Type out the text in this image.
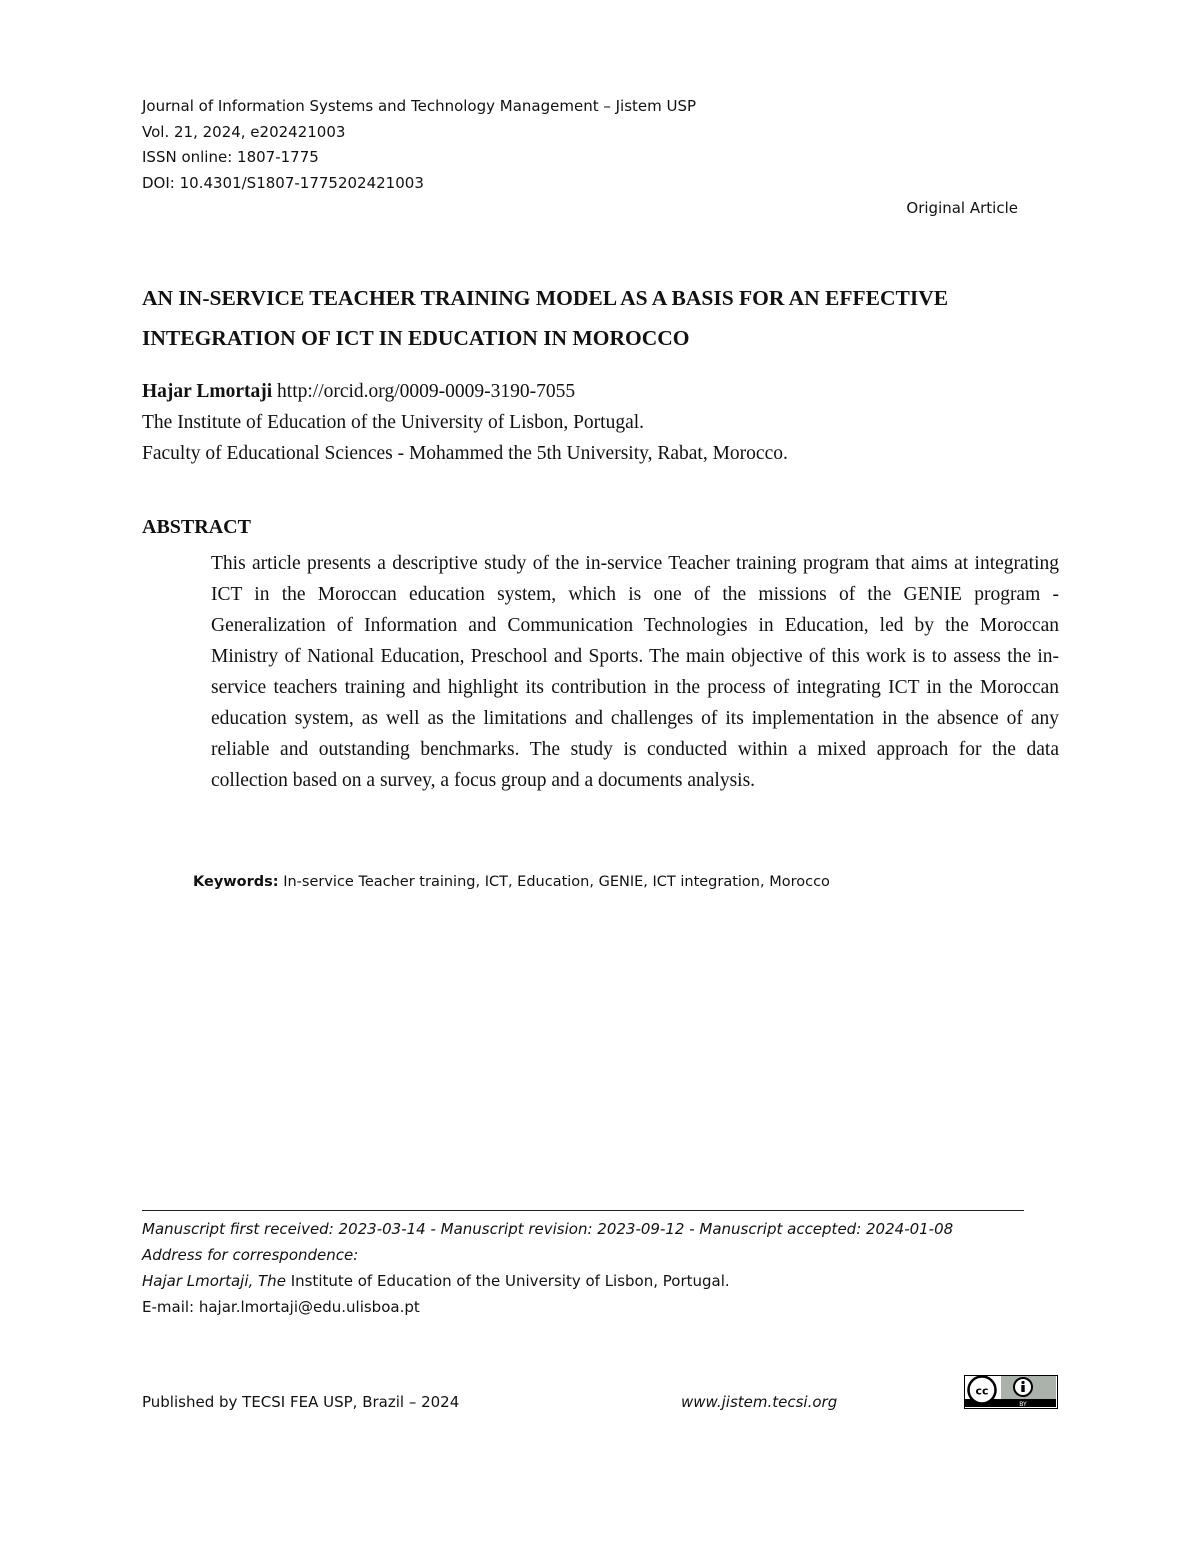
Journal of Information Systems and Technology Management – Jistem USP
Vol. 21, 2024, e202421003
ISSN online: 1807-1775
DOI: 10.4301/S1807-1775202421003
Original Article
AN IN-SERVICE TEACHER TRAINING MODEL AS A BASIS FOR AN EFFECTIVE
INTEGRATION OF ICT IN EDUCATION IN MOROCCO
Hajar Lmortaji http://orcid.org/0009-0009-3190-7055
The Institute of Education of the University of Lisbon, Portugal.
Faculty of Educational Sciences - Mohammed the 5th University, Rabat, Morocco.
ABSTRACT
This article presents a descriptive study of the in-service Teacher training program that aims at integrating ICT in the Moroccan education system, which is one of the missions of the GENIE program - Generalization of Information and Communication Technologies in Education, led by the Moroccan Ministry of National Education, Preschool and Sports. The main objective of this work is to assess the in-service teachers training and highlight its contribution in the process of integrating ICT in the Moroccan education system, as well as the limitations and challenges of its implementation in the absence of any reliable and outstanding benchmarks. The study is conducted within a mixed approach for the data collection based on a survey, a focus group and a documents analysis.
Keywords: In-service Teacher training, ICT, Education, GENIE, ICT integration, Morocco
Manuscript first received: 2023-03-14 - Manuscript revision: 2023-09-12 - Manuscript accepted: 2024-01-08
Address for correspondence:
Hajar Lmortaji, The Institute of Education of the University of Lisbon, Portugal.
E-mail: hajar.lmortaji@edu.ulisboa.pt
Published by TECSI FEA USP, Brazil – 2024	www.jistem.tecsi.org
cc
BY
